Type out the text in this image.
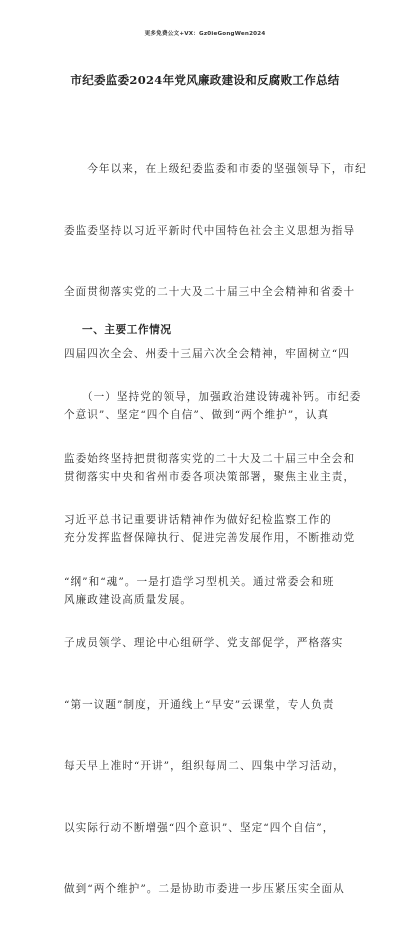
更多免费公文+VX：Gz0ieGongWen2024
市纪委监委2024年党风廉政建设和反腐败工作总结

　　今年以来，在上级纪委监委和市委的坚强领导下，市纪

委监委坚持以习近平新时代中国特色社会主义思想为指导

全面贯彻落实党的二十大及二十届三中全会精神和省委十

四届四次全会、州委十三届六次全会精神，牢固树立“四

个意识”、坚定“四个自信”、做到“两个维护”，认真

贯彻落实中央和省州市委各项决策部署，聚焦主业主责，

充分发挥监督保障执行、促进完善发展作用，不断推动党

风廉政建设高质量发展。

一、主要工作情况

　　（一）坚持党的领导，加强政治建设铸魂补钙。市纪委

监委始终坚持把贯彻落实党的二十大及二十届三中全会和

习近平总书记重要讲话精神作为做好纪检监察工作的

“纲”和“魂”。一是打造学习型机关。通过常委会和班

子成员领学、理论中心组研学、党支部促学，严格落实

“第一议题”制度，开通线上“早安”云课堂，专人负责

每天早上准时“开讲”，组织每周二、四集中学习活动，

以实际行动不断增强“四个意识”、坚定“四个自信”，

做到“两个维护”。二是协助市委进一步压紧压实全面从
